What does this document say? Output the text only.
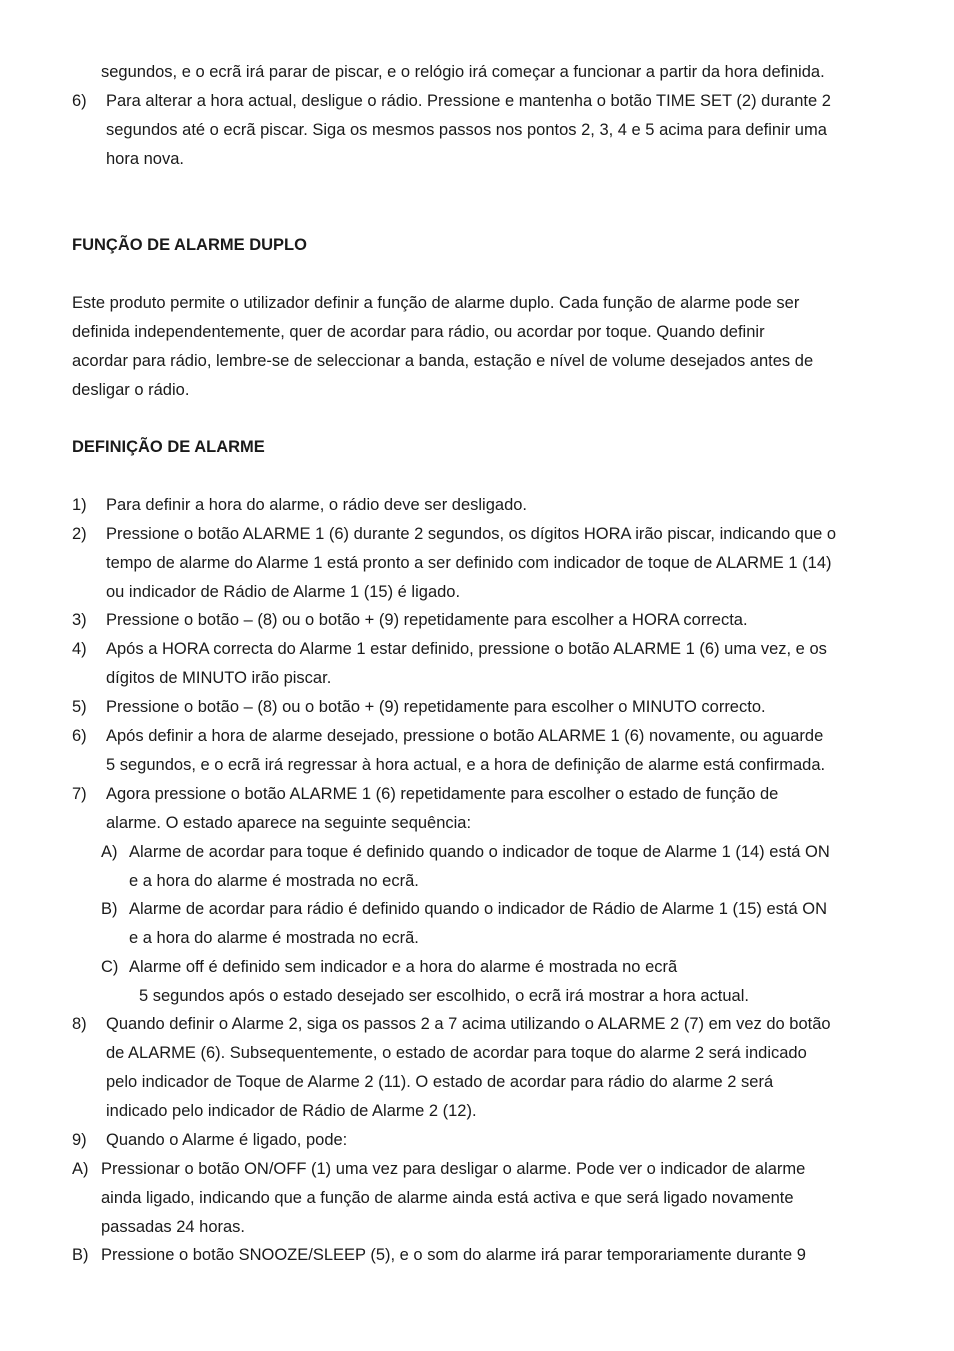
segundos, e o ecrã irá parar de piscar, e o relógio irá começar a funcionar a partir da hora definida.
6) Para alterar a hora actual, desligue o rádio. Pressione e mantenha o botão TIME SET (2) durante 2
segundos até o ecrã piscar. Siga os mesmos passos nos pontos 2, 3, 4 e 5 acima para definir uma
hora nova.
FUNÇÃO DE ALARME DUPLO
Este produto permite o utilizador definir a função de alarme duplo. Cada função de alarme pode ser
definida independentemente, quer de acordar para rádio, ou acordar por toque. Quando definir
acordar para rádio, lembre-se de seleccionar a banda, estação e nível de volume desejados antes de
desligar o rádio.
DEFINIÇÃO DE ALARME
1) Para definir a hora do alarme, o rádio deve ser desligado.
2) Pressione o botão ALARME 1 (6) durante 2 segundos, os dígitos HORA irão piscar, indicando que o
tempo de alarme do Alarme 1 está pronto a ser definido com indicador de toque de ALARME 1 (14)
ou indicador de Rádio de Alarme 1 (15) é ligado.
3) Pressione o botão – (8) ou o botão + (9) repetidamente para escolher a HORA correcta.
4) Após a HORA correcta do Alarme 1 estar definido, pressione o botão ALARME 1 (6) uma vez, e os
dígitos de MINUTO irão piscar.
5) Pressione o botão – (8) ou o botão + (9) repetidamente para escolher o MINUTO correcto.
6) Após definir a hora de alarme desejado, pressione o botão ALARME 1 (6) novamente, ou aguarde
5 segundos, e o ecrã irá regressar à hora actual, e a hora de definição de alarme está confirmada.
7) Agora pressione o botão ALARME 1 (6) repetidamente para escolher o estado de função de
alarme. O estado aparece na seguinte sequência:
A) Alarme de acordar para toque é definido quando o indicador de toque de Alarme 1 (14) está ON
e a hora do alarme é mostrada no ecrã.
B) Alarme de acordar para rádio é definido quando o indicador de Rádio de Alarme 1 (15) está ON
e a hora do alarme é mostrada no ecrã.
C) Alarme off é definido sem indicador e a hora do alarme é mostrada no ecrã
5 segundos após o estado desejado ser escolhido, o ecrã irá mostrar a hora actual.
8) Quando definir o Alarme 2, siga os passos 2 a 7 acima utilizando o ALARME 2 (7) em vez do botão
de ALARME (6). Subsequentemente, o estado de acordar para toque do alarme 2 será indicado
pelo indicador de Toque de Alarme 2 (11). O estado de acordar para rádio do alarme 2 será
indicado pelo indicador de Rádio de Alarme 2 (12).
9) Quando o Alarme é ligado, pode:
A) Pressionar o botão ON/OFF (1) uma vez para desligar o alarme. Pode ver o indicador de alarme
ainda ligado, indicando que a função de alarme ainda está activa e que será ligado novamente
passadas 24 horas.
B) Pressione o botão SNOOZE/SLEEP (5), e o som do alarme irá parar temporariamente durante 9
